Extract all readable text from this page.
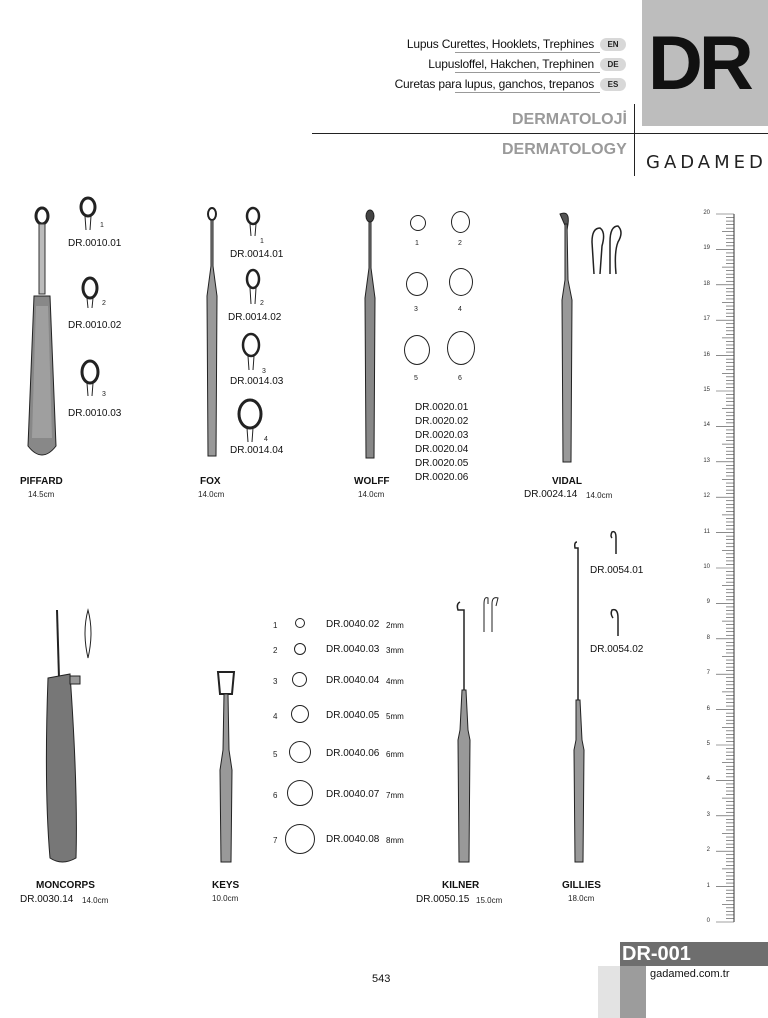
Lupus Curettes, Hooklets, Trephines	EN
Lupusloffel, Hakchen, Trephinen	DE
Curetas para lupus, ganchos, trepanos	ES DR
DERMATOLOJİ
DERMATOLOGY
GADAMED
1
DR.0010.01
2
DR.0010.02
3
DR.0010.03
PIFFARD
14.5cm
1
DR.0014.01
2
DR.0014.02
3
DR.0014.03
4
DR.0014.04
FOX
14.0cm
1	2
3	4
5	6
DR.0020.01
DR.0020.02
DR.0020.03
DR.0020.04
DR.0020.05
DR.0020.06
WOLFF
14.0cm
VIDAL
DR.0024.14 14.0cm
MONCORPS
DR.0030.14 14.0cm
KEYS
10.0cm
1	DR.0040.02 2mm
2	DR.0040.03 3mm
3	DR.0040.04 4mm
4	DR.0040.05 5mm
5	DR.0040.06 6mm
6	DR.0040.07 7mm
7	DR.0040.08 8mm
KILNER
DR.0050.15 15.0cm
DR.0054.01
DR.0054.02
GILLIES
18.0cm
20
19
18
17
16
15
14
13
12
11
10
9
8
7
6
5
4
3
2
1
0
DR-001
gadamed.com.tr
543
